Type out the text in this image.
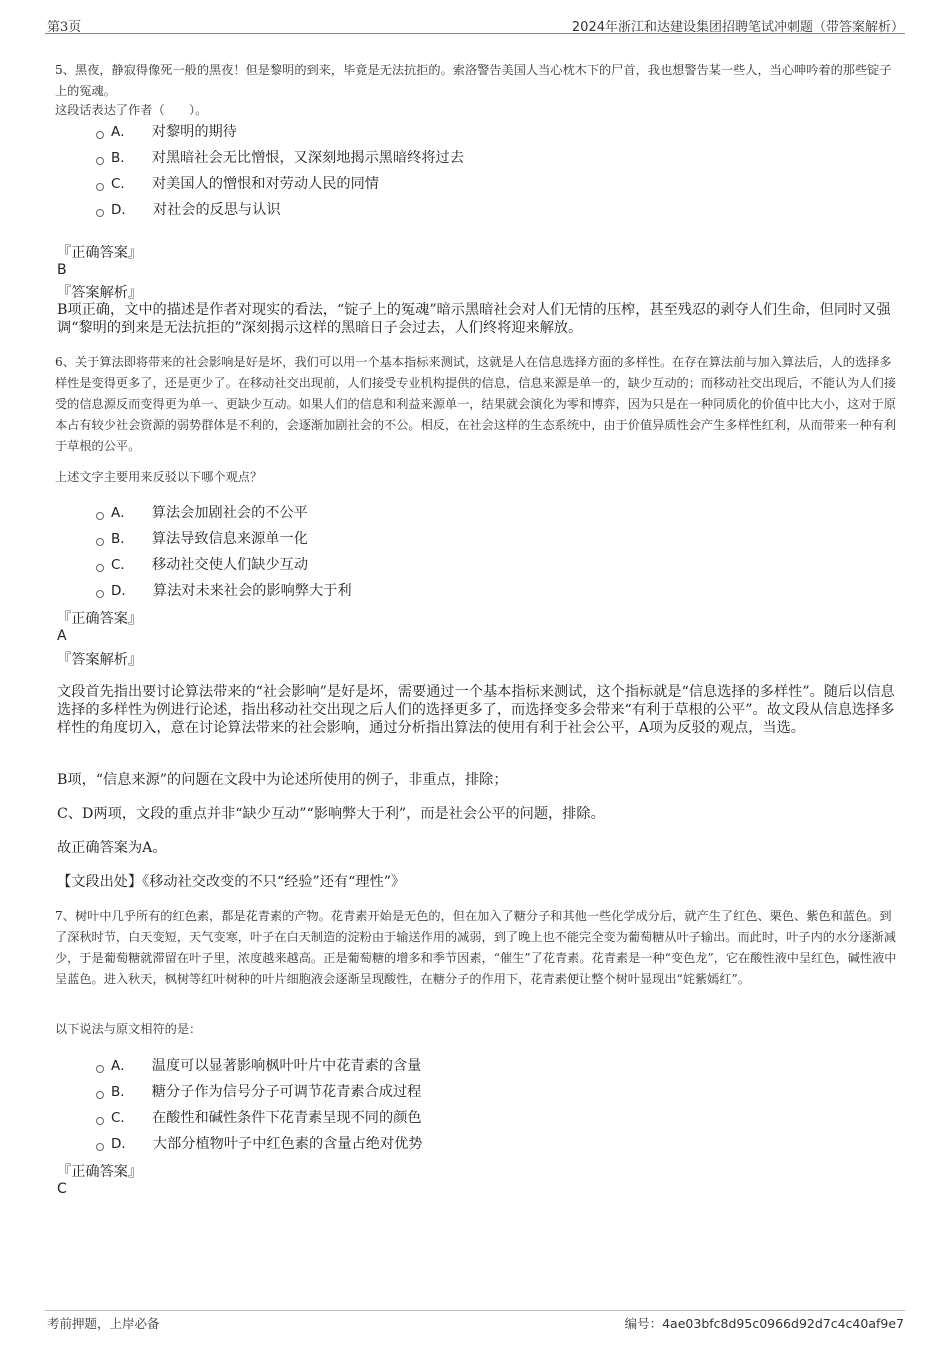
第3页	2024年浙江和达建设集团招聘笔试冲刺题（带答案解析）
5、黑夜，静寂得像死一般的黑夜！但是黎明的到来，毕竟是无法抗拒的。索洛警告美国人当心枕木下的尸首，我也想警告某一些人，当心呻吟着的那些锭子上的冤魂。
这段话表达了作者（　　）。
A． 对黎明的期待
B． 对黑暗社会无比憎恨，又深刻地揭示黑暗终将过去
C． 对美国人的憎恨和对劳动人民的同情
D． 对社会的反思与认识
『正确答案』
B
『答案解析』
B项正确，文中的描述是作者对现实的看法，“锭子上的冤魂”暗示黑暗社会对人们无情的压榨，甚至残忍的剥夺人们生命，但同时又强调“黎明的到来是无法抗拒的”深刻揭示这样的黑暗日子会过去，人们终将迎来解放。
6、关于算法即将带来的社会影响是好是坏，我们可以用一个基本指标来测试，这就是人在信息选择方面的多样性。在存在算法前与加入算法后，人的选择多样性是变得更多了，还是更少了。在移动社交出现前，人们接受专业机构提供的信息，信息来源是单一的，缺少互动的；而移动社交出现后，不能认为人们接受的信息源反而变得更为单一、更缺少互动。如果人们的信息和利益来源单一，结果就会演化为零和博弈，因为只是在一种同质化的价值中比大小，这对于原本占有较少社会资源的弱势群体是不利的，会逐渐加剧社会的不公。相反，在社会这样的生态系统中，由于价值异质性会产生多样性红利，从而带来一种有利于草根的公平。
上述文字主要用来反驳以下哪个观点？
A． 算法会加剧社会的不公平
B． 算法导致信息来源单一化
C． 移动社交使人们缺少互动
D． 算法对未来社会的影响弊大于利
『正确答案』
A
『答案解析』
文段首先指出要讨论算法带来的“社会影响”是好是坏，需要通过一个基本指标来测试，这个指标就是“信息选择的多样性”。随后以信息选择的多样性为例进行论述，指出移动社交出现之后人们的选择更多了，而选择变多会带来“有利于草根的公平”。故文段从信息选择多样性的角度切入，意在讨论算法带来的社会影响，通过分析指出算法的使用有利于社会公平，A项为反驳的观点，当选。
B项，“信息来源”的问题在文段中为论述所使用的例子，非重点，排除；
C、D两项，文段的重点并非“缺少互动”“影响弊大于利”，而是社会公平的问题，排除。
故正确答案为A。
【文段出处】《移动社交改变的不只“经验”还有“理性”》
7、树叶中几乎所有的红色素，都是花青素的产物。花青素开始是无色的，但在加入了糖分子和其他一些化学成分后，就产生了红色、栗色、紫色和蓝色。到了深秋时节，白天变短，天气变寒，叶子在白天制造的淀粉由于输送作用的减弱，到了晚上也不能完全变为葡萄糖从叶子输出。而此时，叶子内的水分逐渐减少，于是葡萄糖就滞留在叶子里，浓度越来越高。正是葡萄糖的增多和季节因素，“催生”了花青素。花青素是一种“变色龙”，它在酸性液中呈红色，碱性液中呈蓝色。进入秋天，枫树等红叶树种的叶片细胞液会逐渐呈现酸性，在糖分子的作用下，花青素便让整个树叶显现出“姹紫嫣红”。
以下说法与原文相符的是：
A． 温度可以显著影响枫叶叶片中花青素的含量
B． 糖分子作为信号分子可调节花青素合成过程
C． 在酸性和碱性条件下花青素呈现不同的颜色
D． 大部分植物叶子中红色素的含量占绝对优势
『正确答案』
C
考前押题，上岸必备	编号：4ae03bfc8d95c0966d92d7c4c40af9e7
